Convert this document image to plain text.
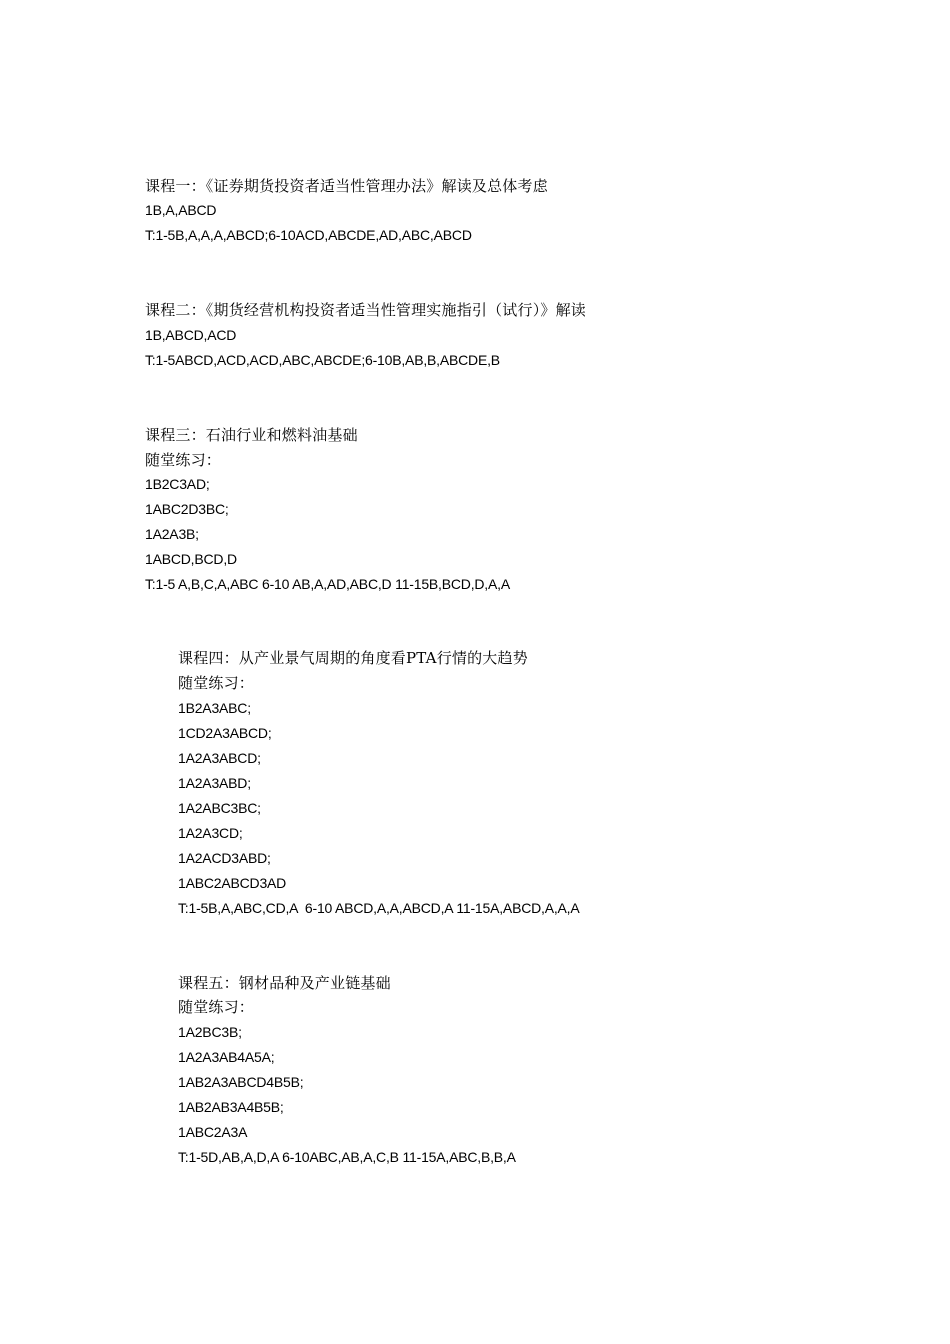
课程一：《证券期货投资者适当性管理办法》解读及总体考虑
1B,A,ABCD
T:1-5B,A,A,A,ABCD;6-10ACD,ABCDE,AD,ABC,ABCD
课程二：《期货经营机构投资者适当性管理实施指引（试行）》解读
1B,ABCD,ACD
T:1-5ABCD,ACD,ACD,ABC,ABCDE;6-10B,AB,B,ABCDE,B
课程三：石油行业和燃料油基础
随堂练习：
1B2C3AD;
1ABC2D3BC;
1A2A3B;
1ABCD,BCD,D
T:1-5 A,B,C,A,ABC 6-10 AB,A,AD,ABC,D 11-15B,BCD,D,A,A
课程四：从产业景气周期的角度看PTA行情的大趋势
随堂练习：
1B2A3ABC;
1CD2A3ABCD;
1A2A3ABCD;
1A2A3ABD;
1A2ABC3BC;
1A2A3CD;
1A2ACD3ABD;
1ABC2ABCD3AD
T:1-5B,A,ABC,CD,A  6-10 ABCD,A,A,ABCD,A 11-15A,ABCD,A,A,A
课程五：钢材品种及产业链基础
随堂练习：
1A2BC3B;
1A2A3AB4A5A;
1AB2A3ABCD4B5B;
1AB2AB3A4B5B;
1ABC2A3A
T:1-5D,AB,A,D,A 6-10ABC,AB,A,C,B 11-15A,ABC,B,B,A
